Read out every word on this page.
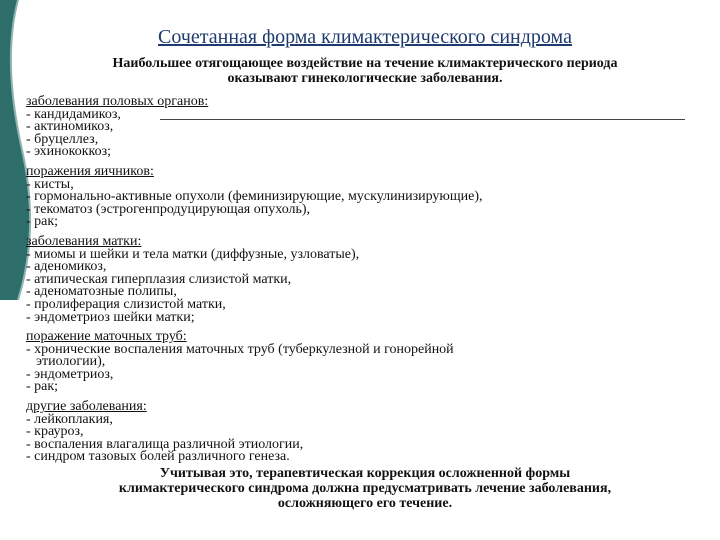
Сочетанная форма климактерического синдрома
Наибольшее отягощающее воздействие на течение климактерического периода
оказывают гинекологические заболевания.
заболевания половых органов:
- кандидамикоз,
- актиномикоз,
- бруцеллез,
- эхинококкоз;
поражения яичников:
- кисты,
- гормонально-активные опухоли (феминизирующие, мускулинизирующие),
- текоматоз (эстрогенпродуцирующая опухоль),
- рак;
заболевания матки:
- миомы и шейки и тела матки (диффузные, узловатые),
- аденомикоз,
- атипическая гиперплазия слизистой матки,
- аденоматозные полипы,
- пролиферация слизистой матки,
- эндометриоз шейки матки;
поражение маточных труб:
- хронические воспаления маточных труб (туберкулезной и гонорейной
этиологии),
- эндометриоз,
- рак;
другие заболевания:
- лейкоплакия,
- крауроз,
- воспаления влагалища различной этиологии,
- синдром тазовых болей различного генеза.
Учитывая это, терапевтическая коррекция осложненной формы
климактерического синдрома должна предусматривать лечение заболевания,
осложняющего его течение.
